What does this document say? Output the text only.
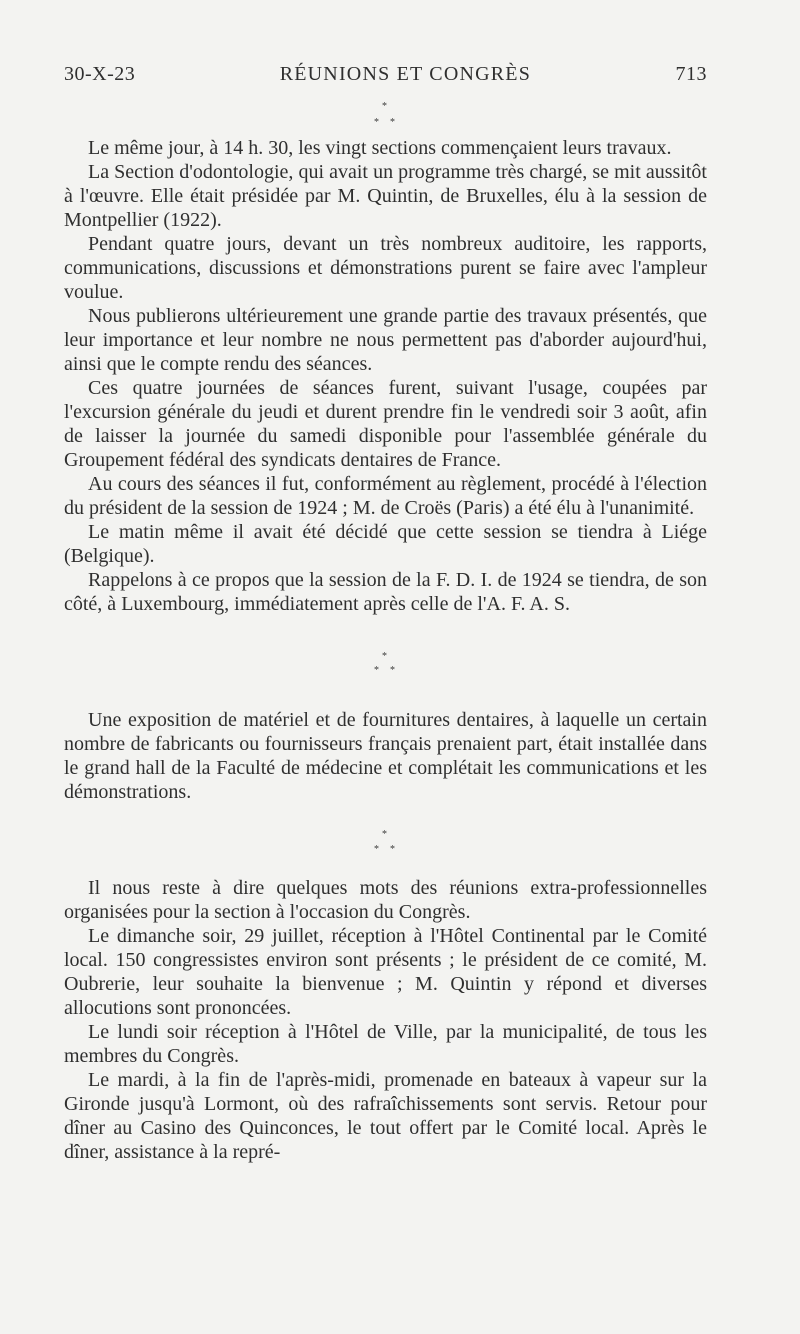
30-X-23	RÉUNIONS ET CONGRÈS	713
*
* *

Le même jour, à 14 h. 30, les vingt sections commençaient leurs travaux.

La Section d'odontologie, qui avait un programme très chargé, se mit aussitôt à l'œuvre. Elle était présidée par M. Quintin, de Bruxelles, élu à la session de Montpellier (1922).

Pendant quatre jours, devant un très nombreux auditoire, les rapports, communications, discussions et démonstrations purent se faire avec l'ampleur voulue.

Nous publierons ultérieurement une grande partie des travaux présentés, que leur importance et leur nombre ne nous permettent pas d'aborder aujourd'hui, ainsi que le compte rendu des séances.

Ces quatre journées de séances furent, suivant l'usage, coupées par l'excursion générale du jeudi et durent prendre fin le vendredi soir 3 août, afin de laisser la journée du samedi disponible pour l'assemblée générale du Groupement fédéral des syndicats dentaires de France.

Au cours des séances il fut, conformément au règlement, procédé à l'élection du président de la session de 1924 ; M. de Croës (Paris) a été élu à l'unanimité.

Le matin même il avait été décidé que cette session se tiendra à Liége (Belgique).

Rappelons à ce propos que la session de la F. D. I. de 1924 se tiendra, de son côté, à Luxembourg, immédiatement après celle de l'A. F. A. S.

*
* *

Une exposition de matériel et de fournitures dentaires, à laquelle un certain nombre de fabricants ou fournisseurs français prenaient part, était installée dans le grand hall de la Faculté de médecine et complétait les communications et les démonstrations.

*
* *

Il nous reste à dire quelques mots des réunions extra-professionnelles organisées pour la section à l'occasion du Congrès.

Le dimanche soir, 29 juillet, réception à l'Hôtel Continental par le Comité local. 150 congressistes environ sont présents ; le président de ce comité, M. Oubrerie, leur souhaite la bienvenue ; M. Quintin y répond et diverses allocutions sont prononcées.

Le lundi soir réception à l'Hôtel de Ville, par la municipalité, de tous les membres du Congrès.

Le mardi, à la fin de l'après-midi, promenade en bateaux à vapeur sur la Gironde jusqu'à Lormont, où des rafraîchissements sont servis. Retour pour dîner au Casino des Quinconces, le tout offert par le Comité local. Après le dîner, assistance à la repré-
